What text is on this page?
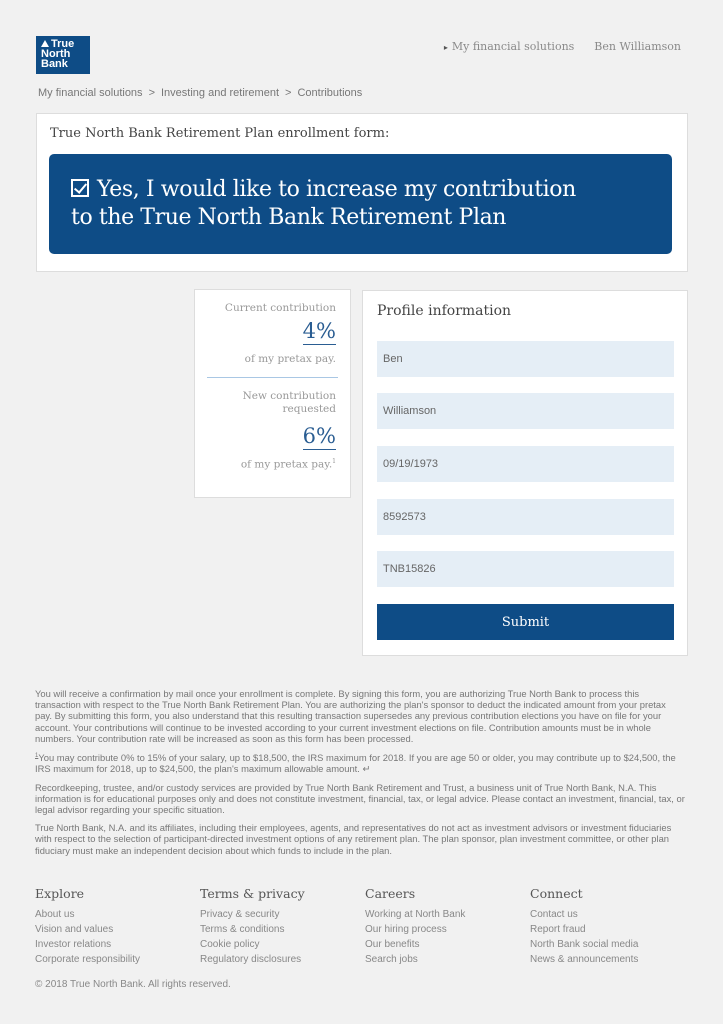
True
North
Bank
▸ My financial solutions Ben Williamson
My financial solutions > Investing and retirement > Contributions
True North Bank Retirement Plan enrollment form:
Yes, I would like to increase my contribution
to the True North Bank Retirement Plan
Current contribution
4%
of my pretax pay.
New contribution
requested
6%
of my pretax pay.$^1$
Profile information
Ben
Williamson
09/19/1973
8592573
TNB15826
Submit

You will receive a confirmation by mail once your enrollment is complete. By signing this form, you are authorizing True North Bank to process this transaction with respect to the True North Bank Retirement Plan. You are authorizing the plan's sponsor to deduct the indicated amount from your pretax pay. By submitting this form, you also understand that this resulting transaction supersedes any previous contribution elections you have on file for your account. Your contributions will continue to be invested according to your current investment elections on file. Contribution amounts must be in whole numbers. Your contribution rate will be increased as soon as this form has been processed.

$^1$You may contribute 0% to 15% of your salary, up to $18,500, the IRS maximum for 2018. If you are age 50 or older, you may contribute up to $24,500, the IRS maximum for 2018, up to $24,500, the plan's maximum allowable amount. ↵

Recordkeeping, trustee, and/or custody services are provided by True North Bank Retirement and Trust, a business unit of True North Bank, N.A. This information is for educational purposes only and does not constitute investment, financial, tax, or legal advice. Please contact an investment, financial, tax, or legal advisor regarding your specific situation.

True North Bank, N.A. and its affiliates, including their employees, agents, and representatives do not act as investment advisors or investment fiduciaries with respect to the selection of participant-directed investment options of any retirement plan. The plan sponsor, plan investment committee, or other plan fiduciary must make an independent decision about which funds to include in the plan.

Explore
About us
Vision and values
Investor relations
Corporate responsibility
Terms & privacy
Privacy & security
Terms & conditions
Cookie policy
Regulatory disclosures
Careers
Working at North Bank
Our hiring process
Our benefits
Search jobs
Connect
Contact us
Report fraud
North Bank social media
News & announcements
© 2018 True North Bank. All rights reserved.
